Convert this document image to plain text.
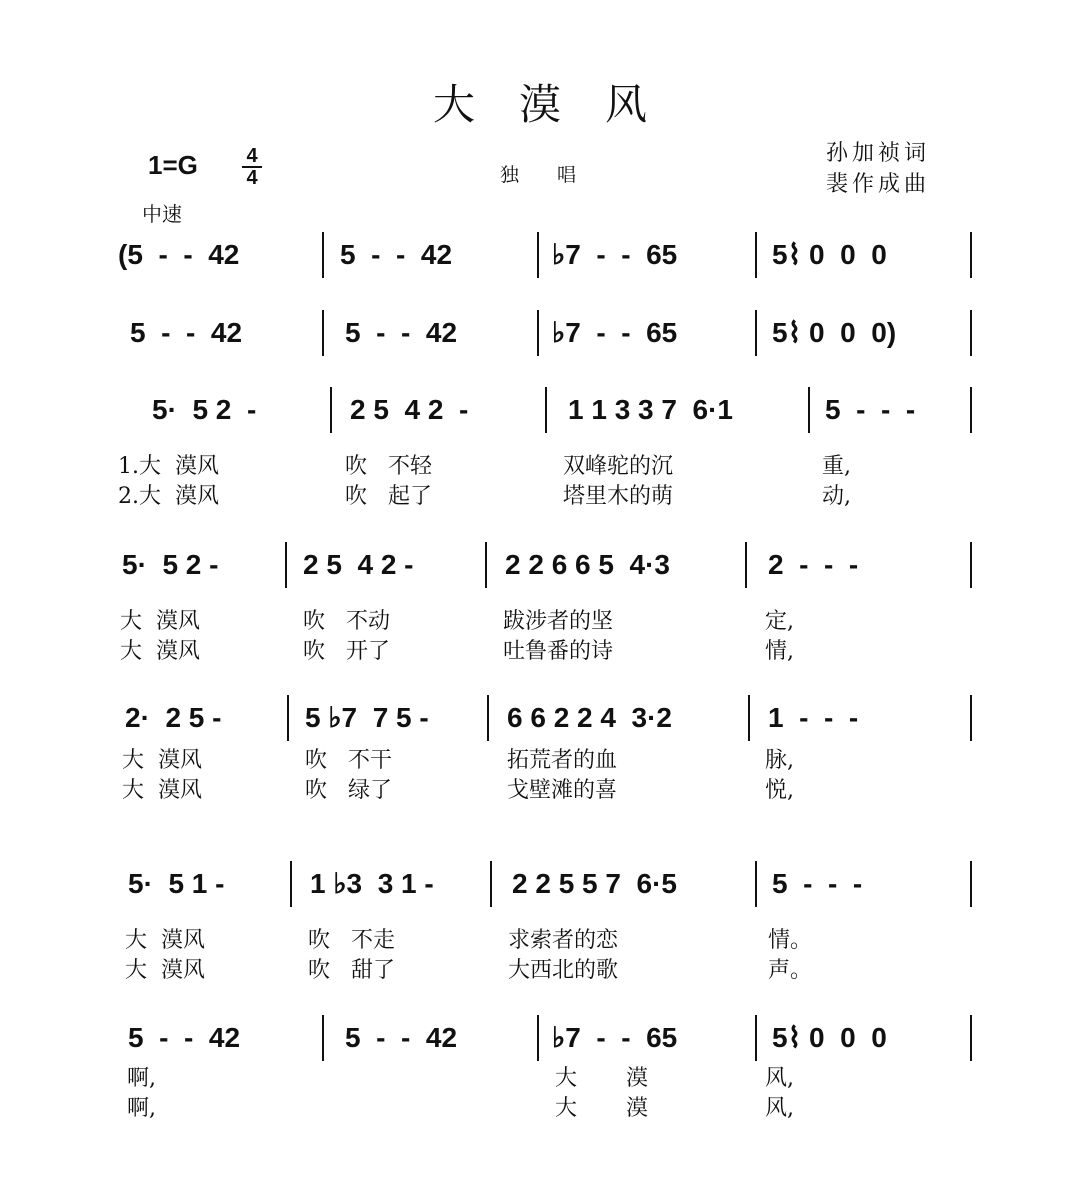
大漠风
1=G 4
4	独唱
孙加祯词
裴作成曲
中速
(5  -  -  42	5  -  -  42	♭7  -  -  65	5⌇ 0  0  0
5  -  -  42	5  -  -  42	♭7  -  -  65	5⌇ 0  0  0)
5·  5 2  -	2 5  4 2  -	1 1 3 3 7  6·1	5  -  -  -
1.大  漠风	吹   不轻	双峰驼的沉	重,
2.大  漠风	吹   起了	塔里木的萌	动,
5·  5 2 -	2 5  4 2 -	2 2 6 6 5  4·3	2  -  -  -
大  漠风	吹   不动	跋涉者的坚	定,
大  漠风	吹   开了	吐鲁番的诗	情,
2·  2 5 -	5 ♭7  7 5 -	6 6 2 2 4  3·2	1  -  -  -
大  漠风	吹   不干	拓荒者的血	脉,
大  漠风	吹   绿了	戈壁滩的喜	悦,
5·  5 1 -	1 ♭3  3 1 -	2 2 5 5 7  6·5	5  -  -  -
大  漠风	吹   不走	求索者的恋	情。
大  漠风	吹   甜了	大西北的歌	声。
5  -  -  42	5  -  -  42	♭7  -  -  65	5⌇ 0  0  0
啊,	大       漠	风,
啊,	大       漠	风,
